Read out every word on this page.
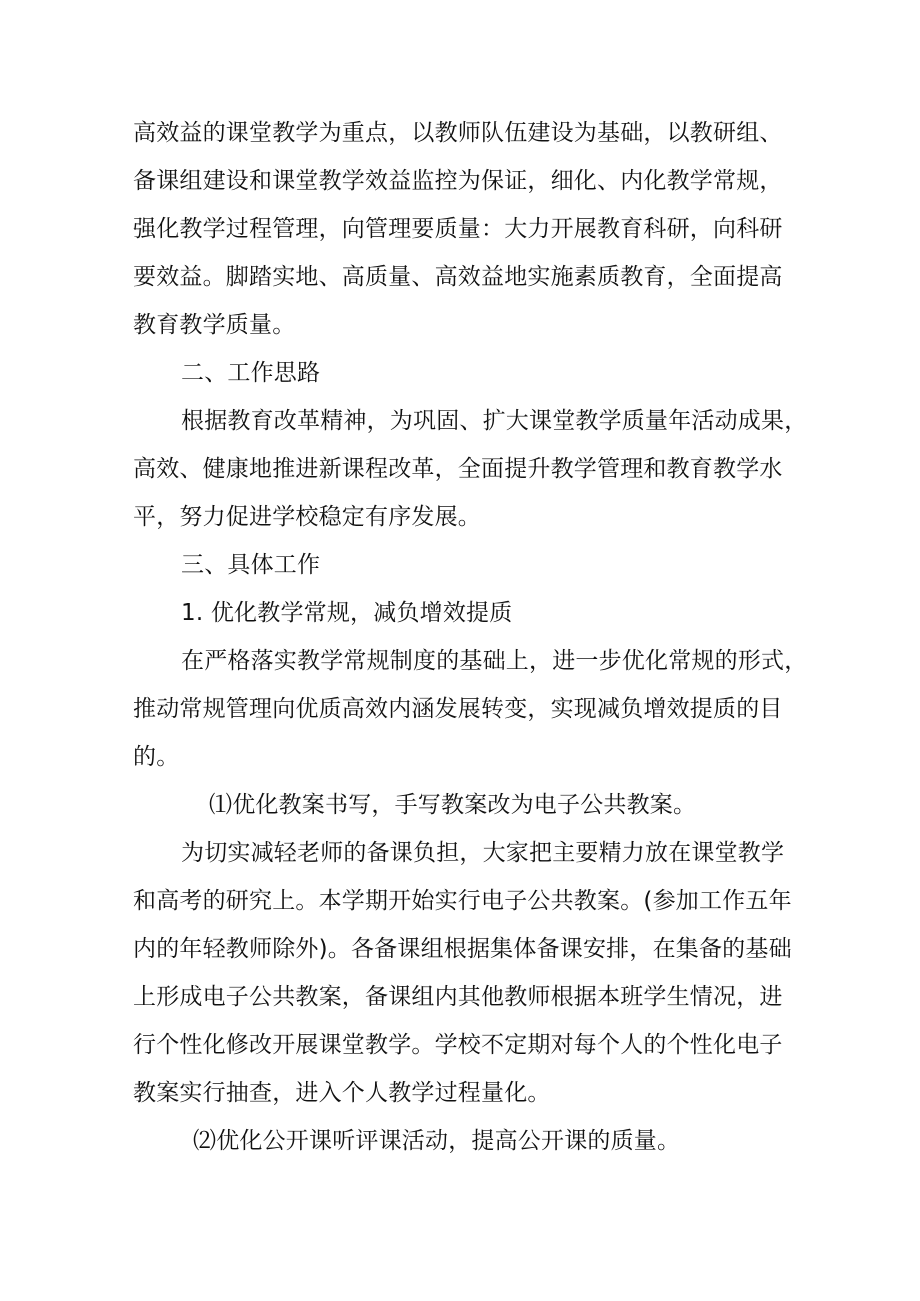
高效益的课堂教学为重点，以教师队伍建设为基础，以教研组、
备课组建设和课堂教学效益监控为保证，细化、内化教学常规，
强化教学过程管理，向管理要质量：大力开展教育科研，向科研
要效益。脚踏实地、高质量、高效益地实施素质教育，全面提高
教育教学质量。
二、工作思路
根据教育改革精神，为巩固、扩大课堂教学质量年活动成果，
高效、健康地推进新课程改革，全面提升教学管理和教育教学水
平，努力促进学校稳定有序发展。
三、具体工作
1. 优化教学常规，减负增效提质
在严格落实教学常规制度的基础上，进一步优化常规的形式，
推动常规管理向优质高效内涵发展转变，实现减负增效提质的目
的。
⑴优化教案书写，手写教案改为电子公共教案。
为切实减轻老师的备课负担，大家把主要精力放在课堂教学
和高考的研究上。本学期开始实行电子公共教案。(参加工作五年
内的年轻教师除外)。各备课组根据集体备课安排，在集备的基础
上形成电子公共教案，备课组内其他教师根据本班学生情况，进
行个性化修改开展课堂教学。学校不定期对每个人的个性化电子
教案实行抽查，进入个人教学过程量化。
⑵优化公开课听评课活动，提高公开课的质量。
